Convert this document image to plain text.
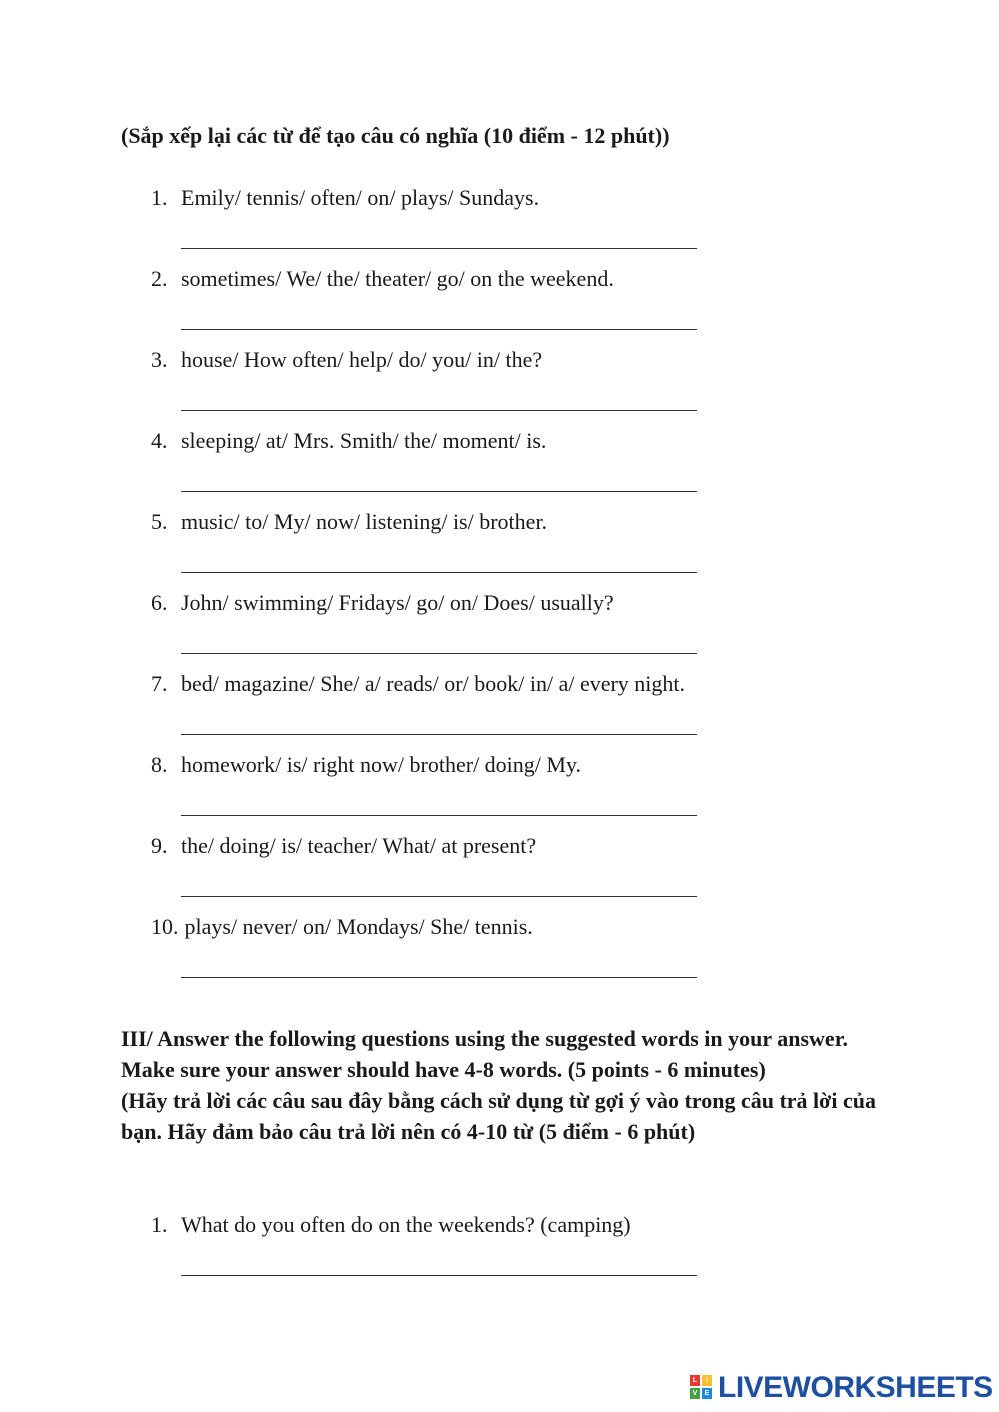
(Sắp xếp lại các từ để tạo câu có nghĩa (10 điểm - 12 phút))
1. Emily/ tennis/ often/ on/ plays/ Sundays.
2. sometimes/ We/ the/ theater/ go/ on the weekend.
3. house/ How often/ help/ do/ you/ in/ the?
4. sleeping/ at/ Mrs. Smith/ the/ moment/ is.
5. music/ to/ My/ now/ listening/ is/ brother.
6. John/ swimming/ Fridays/ go/ on/ Does/ usually?
7. bed/ magazine/ She/ a/ reads/ or/ book/ in/ a/ every night.
8. homework/ is/ right now/ brother/ doing/ My.
9. the/ doing/ is/ teacher/ What/ at present?
10. plays/ never/ on/ Mondays/ She/ tennis.
III/ Answer the following questions using the suggested words in your answer. Make sure your answer should have 4-8 words. (5 points - 6 minutes)
(Hãy trả lời các câu sau đây bằng cách sử dụng từ gợi ý vào trong câu trả lời của bạn. Hãy đảm bảo câu trả lời nên có 4-10 từ (5 điểm - 6 phút)
1. What do you often do on the weekends? (camping)
L	I
V	E LIVEWORKSHEETS
